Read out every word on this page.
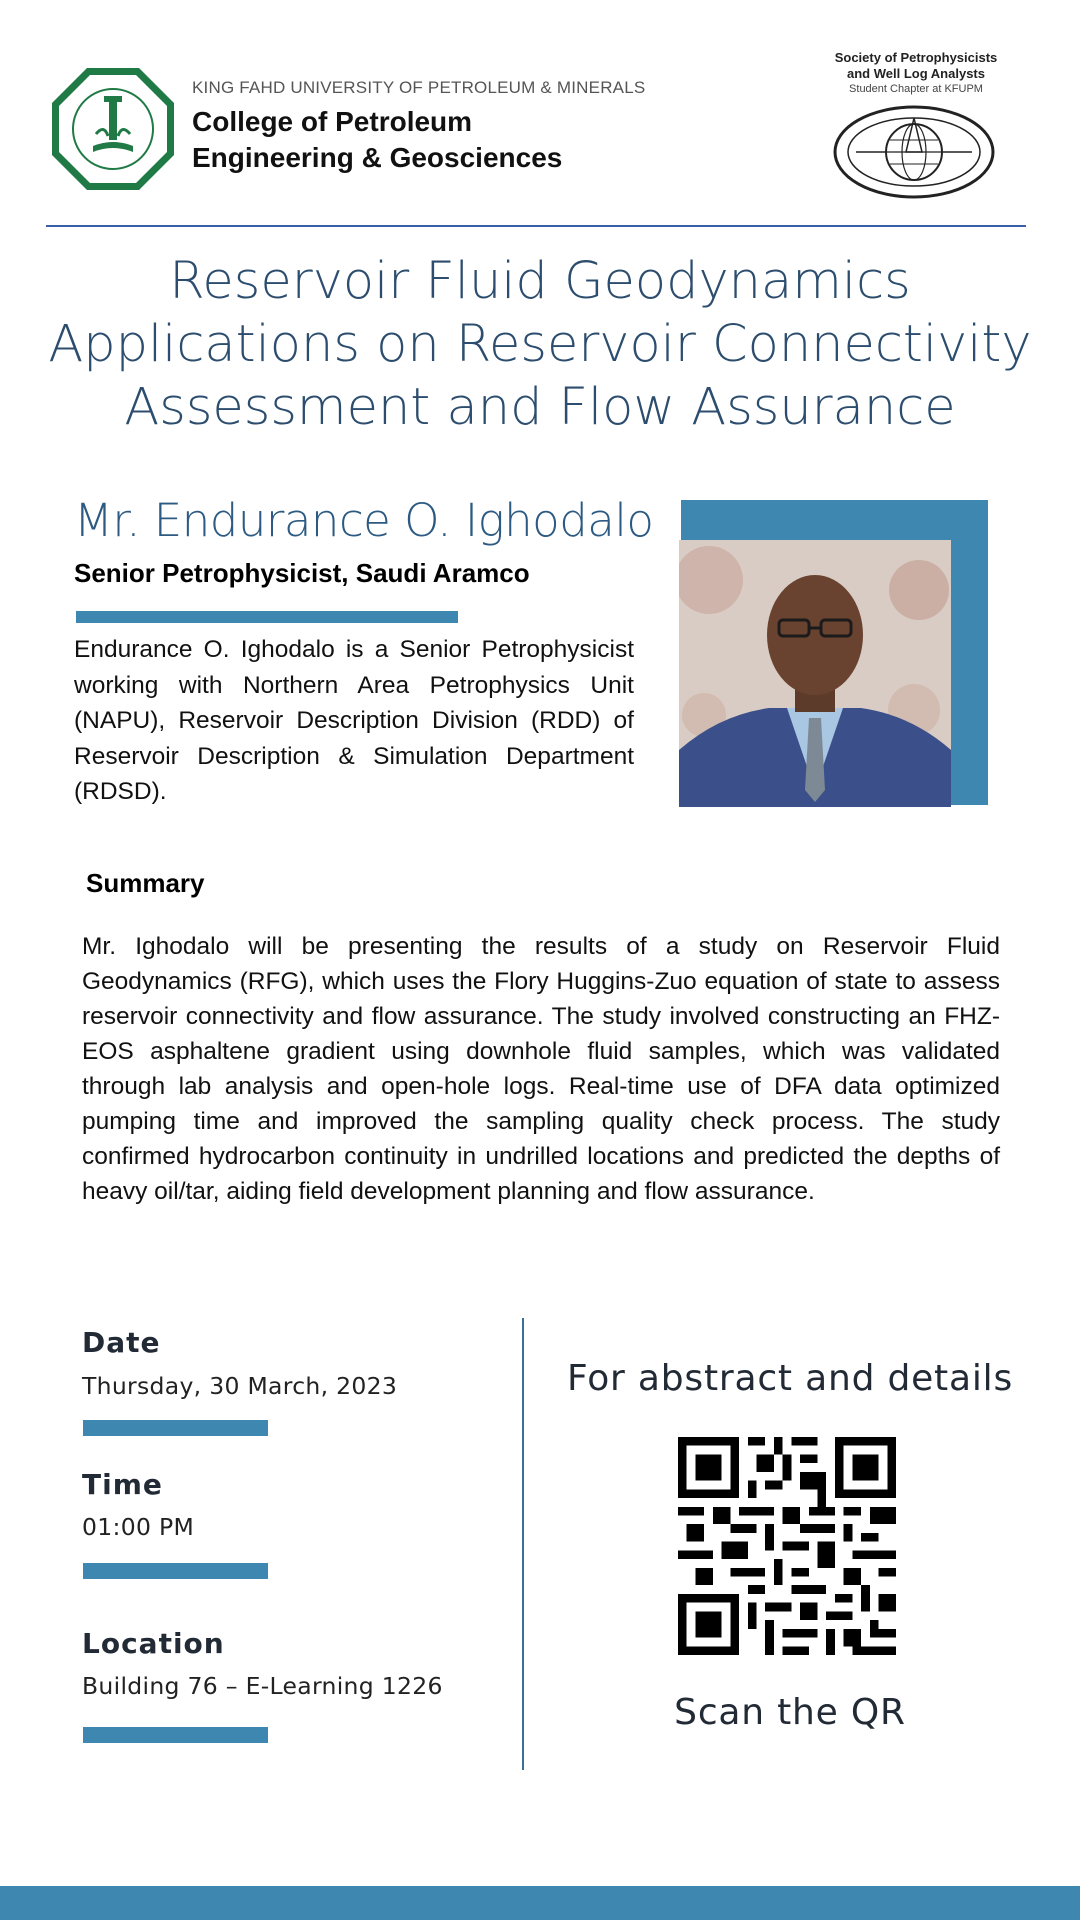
KING FAHD UNIVERSITY OF PETROLEUM & MINERALS
College of Petroleum
Engineering & Geosciences
Society of Petrophysicists
and Well Log Analysts
Student Chapter at KFUPM
Reservoir Fluid Geodynamics
Applications on Reservoir Connectivity
Assessment and Flow Assurance
Mr. Endurance O. Ighodalo
Senior Petrophysicist, Saudi Aramco
Endurance O. Ighodalo is a Senior Petrophysicist working with Northern Area Petrophysics Unit (NAPU), Reservoir Description Division (RDD) of Reservoir Description & Simulation Department (RDSD).
Summary
Mr. Ighodalo will be presenting the results of a study on Reservoir Fluid Geodynamics (RFG), which uses the Flory Huggins-Zuo equation of state to assess reservoir connectivity and flow assurance. The study involved constructing an FHZ-EOS asphaltene gradient using downhole fluid samples, which was validated through lab analysis and open-hole logs. Real-time use of DFA data optimized pumping time and improved the sampling quality check process. The study confirmed hydrocarbon continuity in undrilled locations and predicted the depths of heavy oil/tar, aiding field development planning and flow assurance.
Date
Thursday, 30 March, 2023
Time
01:00 PM
Location
Building 76 – E-Learning 1226
For abstract and details
Scan the QR
